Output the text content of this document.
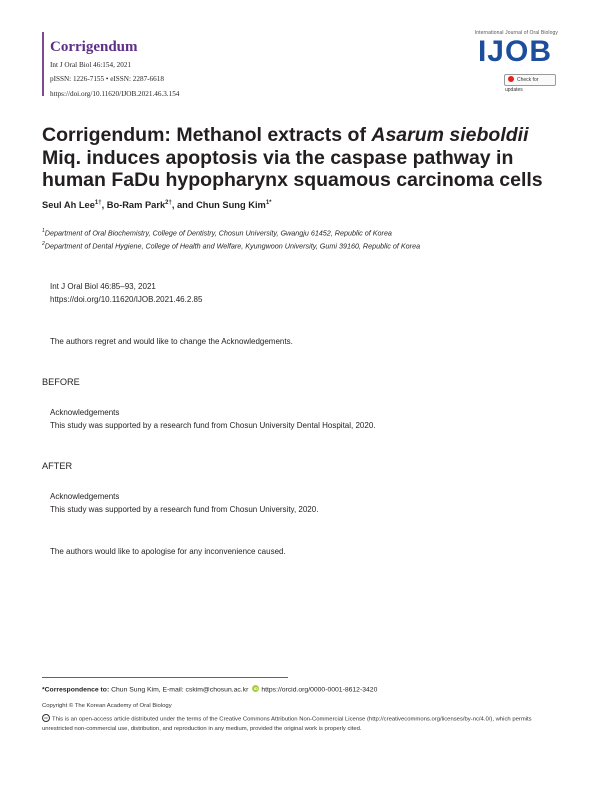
Corrigendum
Int J Oral Biol 46:154, 2021
pISSN: 1226-7155 • eISSN: 2287-6618
https://doi.org/10.11620/IJOB.2021.46.3.154
International Journal of Oral Biology
IJOB
Check for updates
Corrigendum: Methanol extracts of Asarum sieboldii Miq. induces apoptosis via the caspase pathway in human FaDu hypopharynx squamous carcinoma cells
Seul Ah Lee$^{1\dagger}$, Bo-Ram Park$^{2\dagger}$, and Chun Sung Kim$^{1*}$
$^1$Department of Oral Biochemistry, College of Dentistry, Chosun University, Gwangju 61452, Republic of Korea
$^2$Department of Dental Hygiene, College of Health and Welfare, Kyungwoon University, Gumi 39160, Republic of Korea
Int J Oral Biol 46:85–93, 2021
https://doi.org/10.11620/IJOB.2021.46.2.85
The authors regret and would like to change the Acknowledgements.
BEFORE
Acknowledgements
This study was supported by a research fund from Chosun University Dental Hospital, 2020.
AFTER
Acknowledgements
This study was supported by a research fund from Chosun University, 2020.
The authors would like to apologise for any inconvenience caused.
*Correspondence to: Chun Sung Kim, E-mail: cskim@chosun.ac.kr iD https://orcid.org/0000-0001-8612-3420
Copyright © The Korean Academy of Oral Biology
cc This is an open-access article distributed under the terms of the Creative Commons Attribution Non-Commercial License (http://creativecommons.org/licenses/by-nc/4.0/), which permits unrestricted non-commercial use, distribution, and reproduction in any medium, provided the original work is properly cited.
